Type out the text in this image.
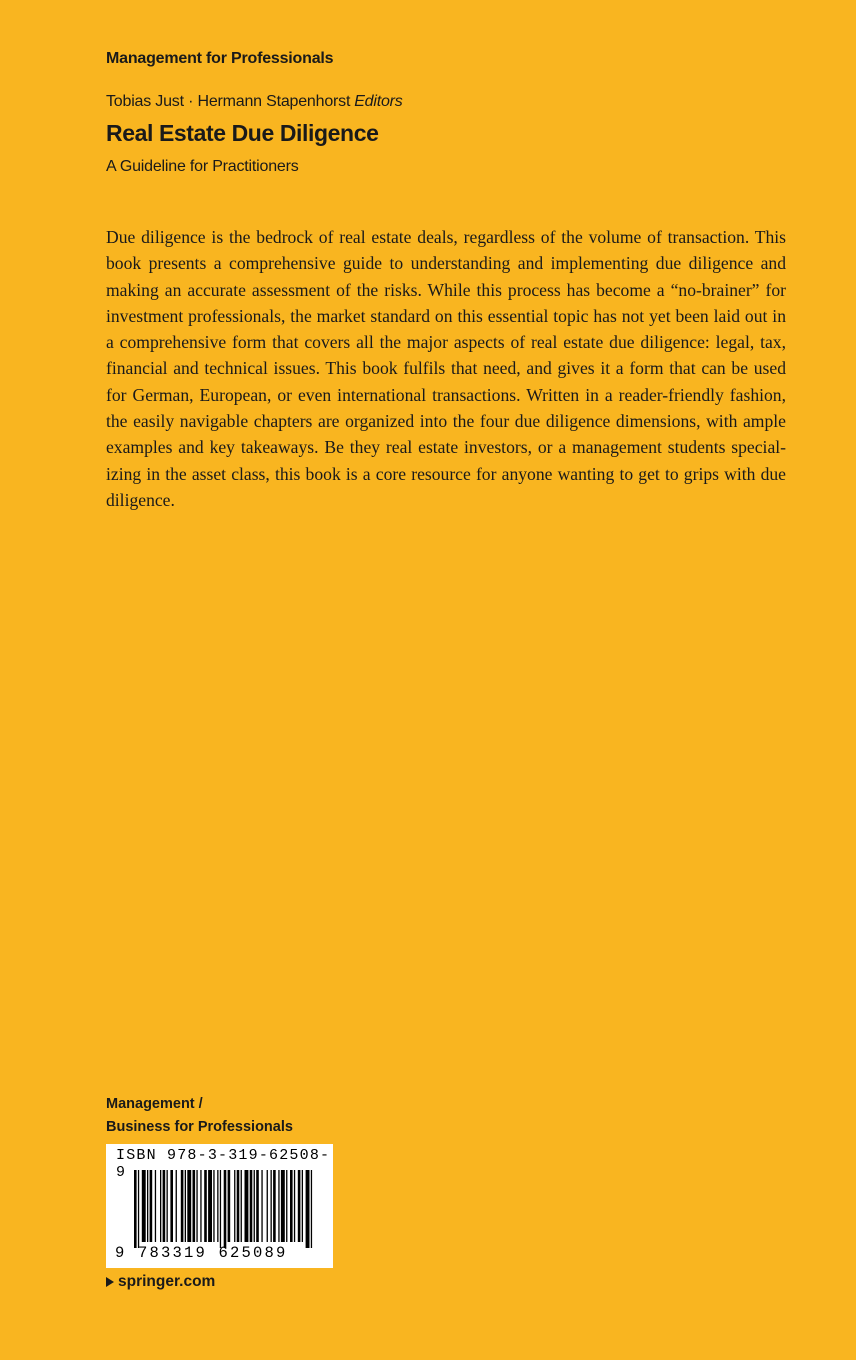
Management for Professionals
Tobias Just · Hermann Stapenhorst Editors
Real Estate Due Diligence
A Guideline for Practitioners

Due diligence is the bedrock of real estate deals, regardless of the volume of transaction. This book presents a comprehensive guide to understanding and implementing due diligence and making an accurate assessment of the risks. While this process has become a “no-brainer” for investment professionals, the market standard on this essential topic has not yet been laid out in a comprehensive form that covers all the major aspects of real estate due diligence: legal, tax, financial and technical issues. This book fulfils that need, and gives it a form that can be used for German, European, or even international transactions. Written in a reader-friendly fashion, the easily navigable chapters are organized into the four due diligence dimensions, with ample examples and key takeaways. Be they real estate investors, or a management students specializing in the asset class, this book is a core resource for anyone wanting to get to grips with due diligence.

Management /
Business for Professionals
ISBN 978-3-319-62508-9
9 783319 625089
springer.com
